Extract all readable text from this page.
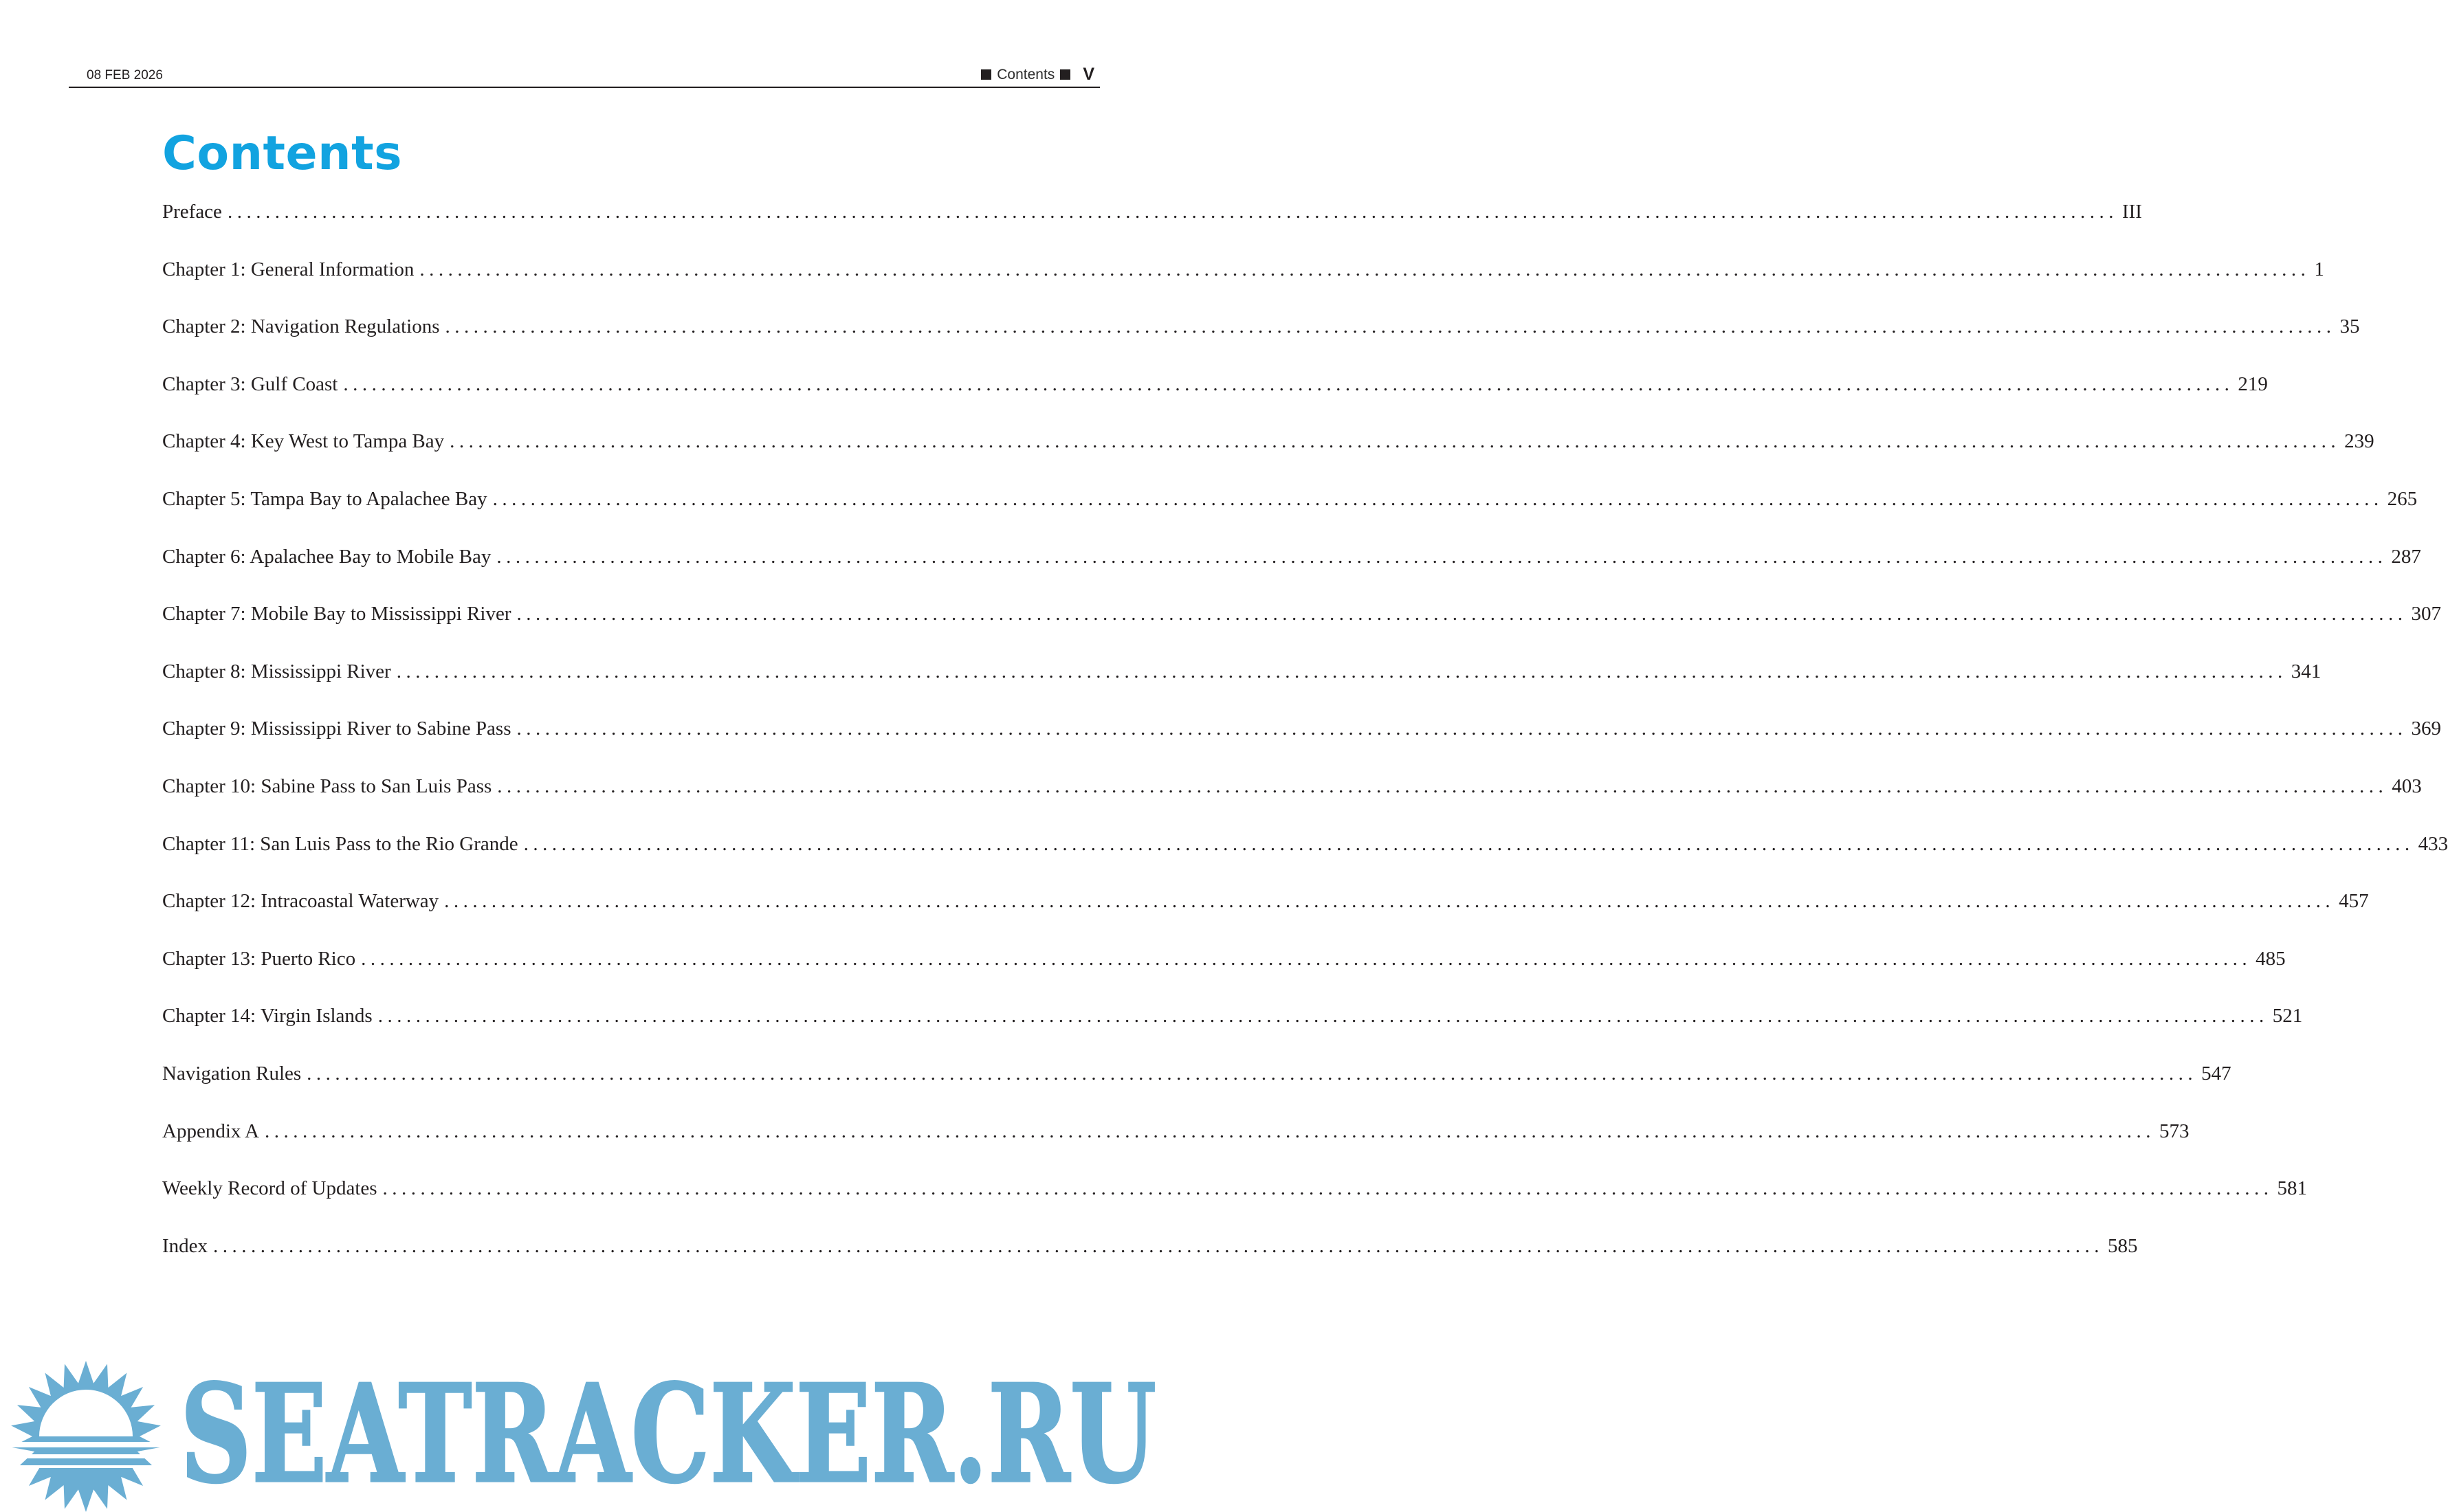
08 FEB 2026	Contents V
Contents
Preface ........................................................................................................................................................................................................ III
Chapter 1: General Information ........................................................................................................................................................................................................ 1
Chapter 2: Navigation Regulations ........................................................................................................................................................................................................ 35
Chapter 3: Gulf Coast ........................................................................................................................................................................................................ 219
Chapter 4: Key West to Tampa Bay ........................................................................................................................................................................................................ 239
Chapter 5: Tampa Bay to Apalachee Bay ........................................................................................................................................................................................................ 265
Chapter 6: Apalachee Bay to Mobile Bay ........................................................................................................................................................................................................ 287
Chapter 7: Mobile Bay to Mississippi River ........................................................................................................................................................................................................ 307
Chapter 8: Mississippi River ........................................................................................................................................................................................................ 341
Chapter 9: Mississippi River to Sabine Pass ........................................................................................................................................................................................................ 369
Chapter 10: Sabine Pass to San Luis Pass ........................................................................................................................................................................................................ 403
Chapter 11: San Luis Pass to the Rio Grande ........................................................................................................................................................................................................ 433
Chapter 12: Intracoastal Waterway ........................................................................................................................................................................................................ 457
Chapter 13: Puerto Rico ........................................................................................................................................................................................................ 485
Chapter 14: Virgin Islands ........................................................................................................................................................................................................ 521
Navigation Rules ........................................................................................................................................................................................................ 547
Appendix A ........................................................................................................................................................................................................ 573
Weekly Record of Updates ........................................................................................................................................................................................................ 581
Index ........................................................................................................................................................................................................ 585
SEATRACKER.RU
